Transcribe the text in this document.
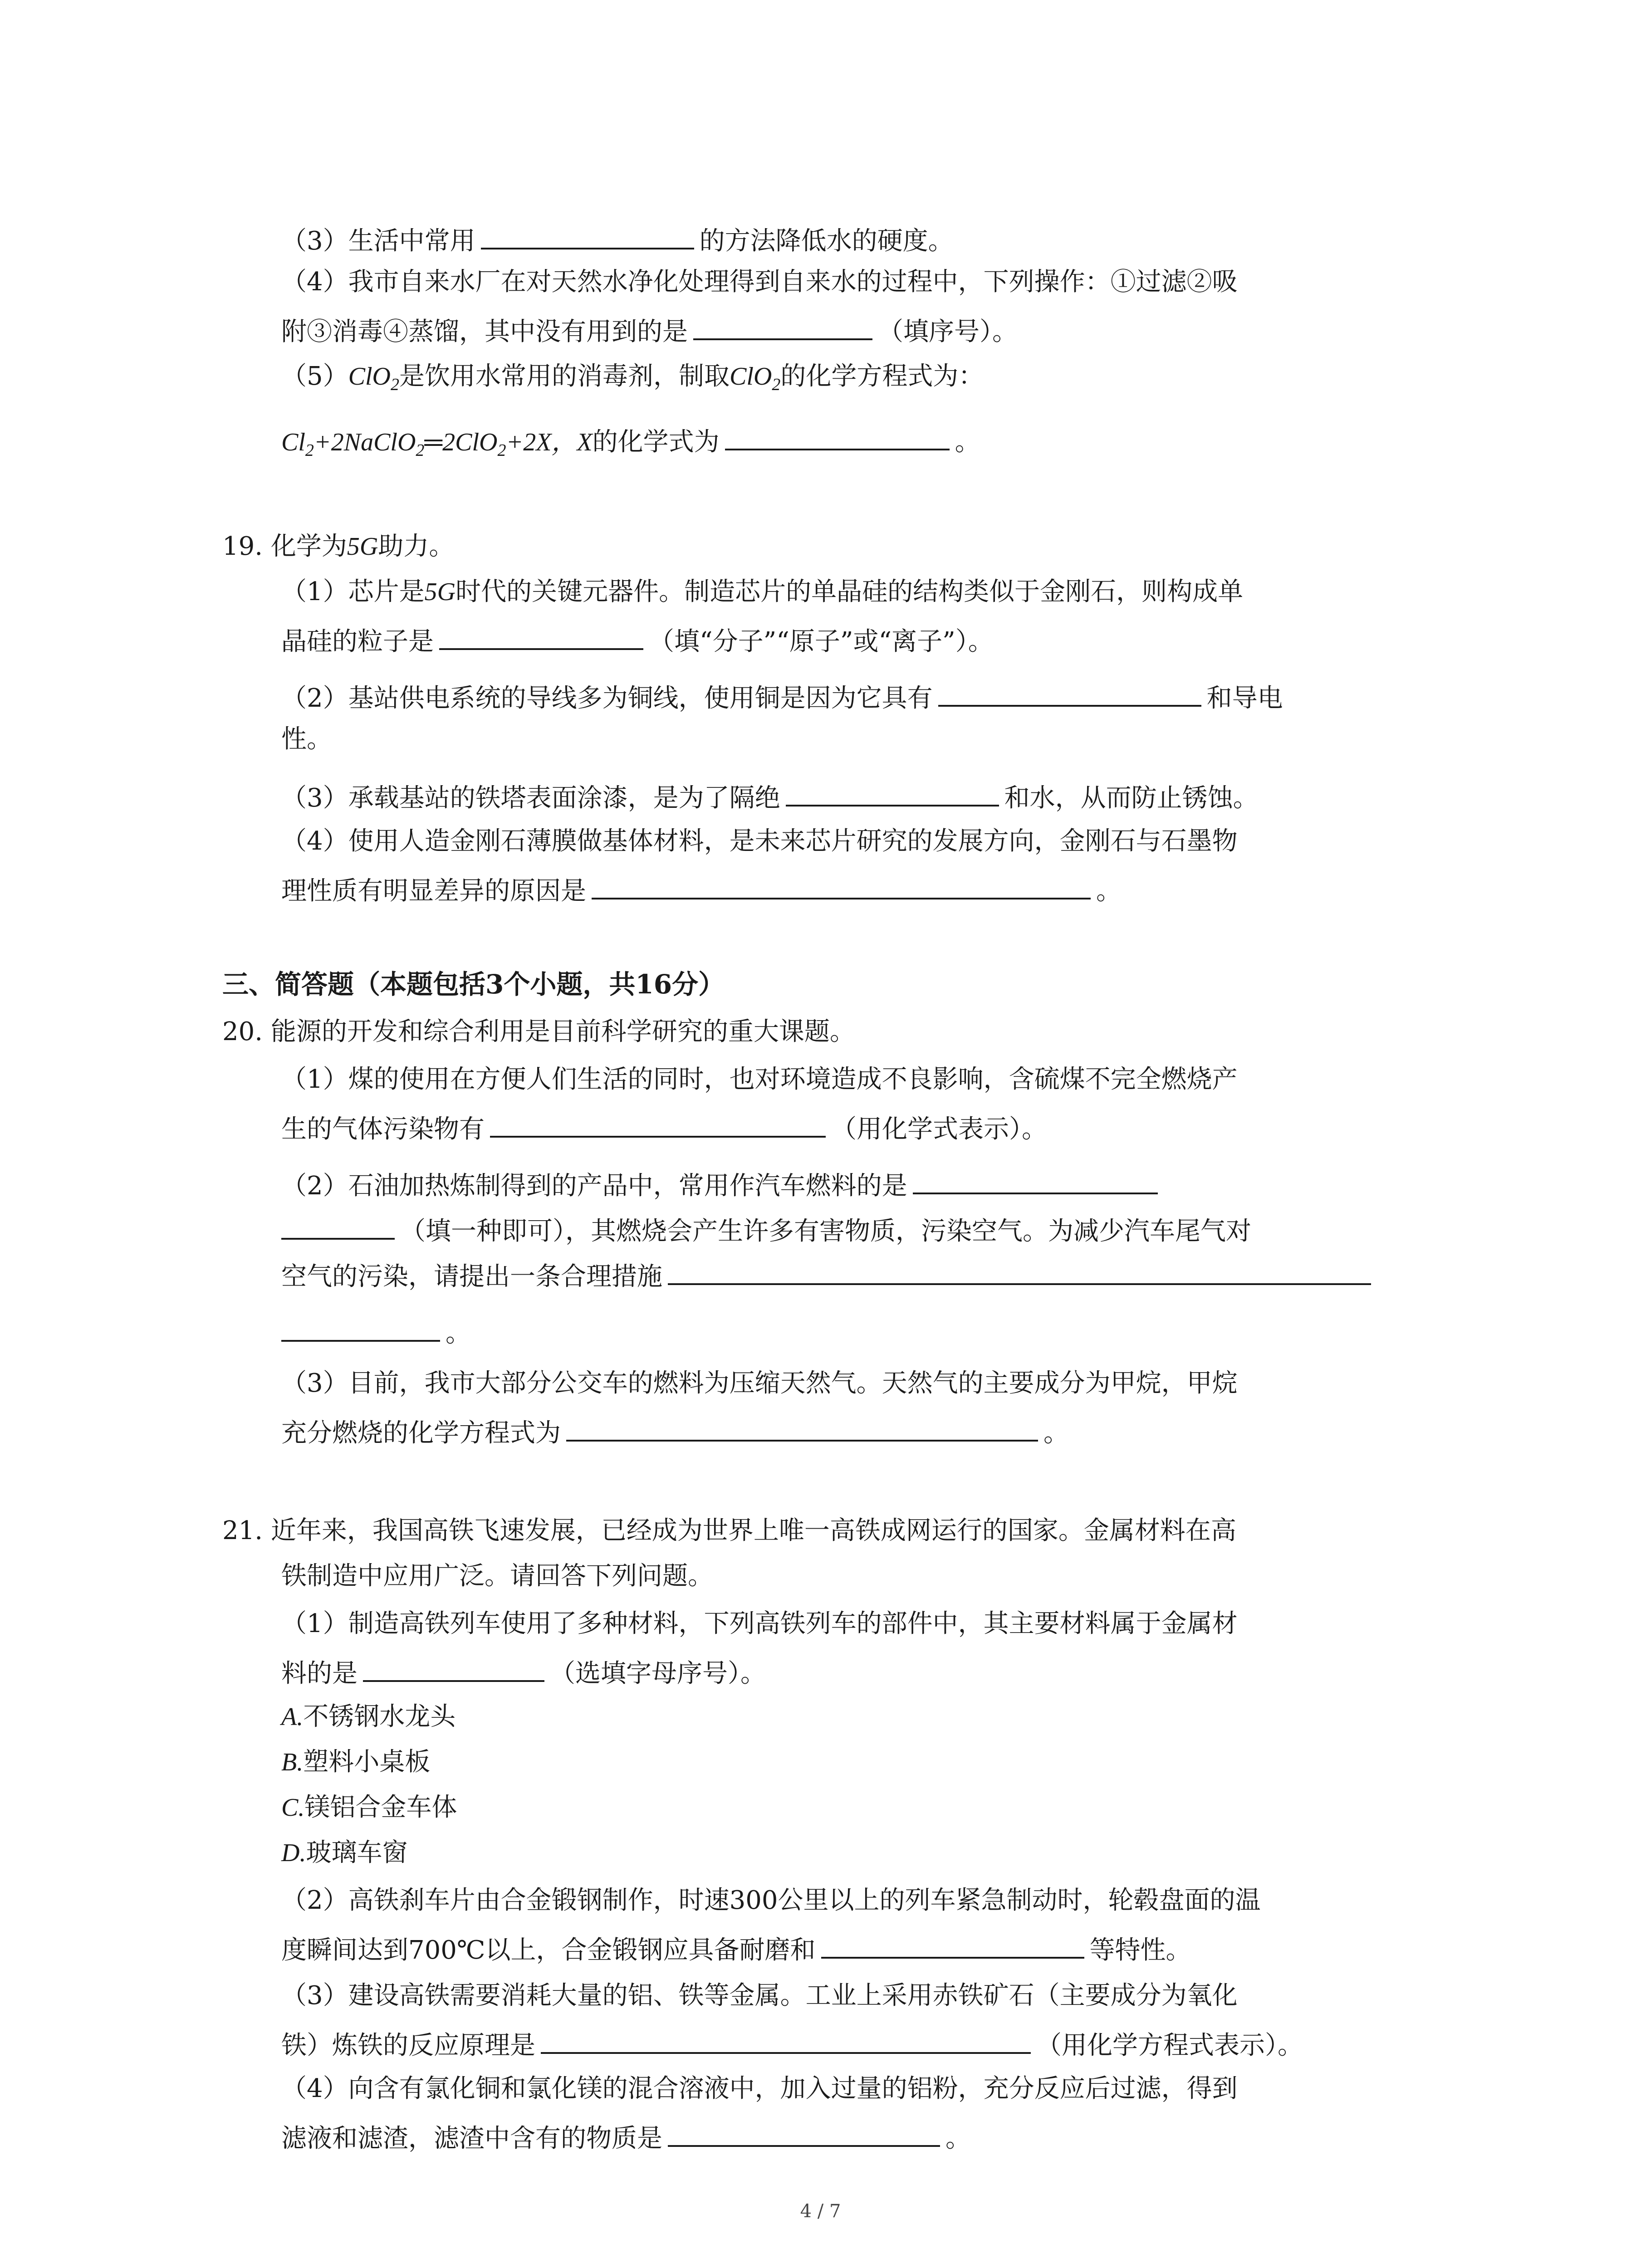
（3）生活中常用	的方法降低水的硬度。
（4）我市自来水厂在对天然水净化处理得到自来水的过程中，下列操作：①过滤②吸
附③消毒④蒸馏，其中没有用到的是	（填序号）。
（5）ClO$_2$是饮用水常用的消毒剂，制取ClO$_2$的化学方程式为：
$Cl_2+2NaClO_2═2ClO_2+2X$，X的化学式为	。
19. 化学为5G助力。
（1）芯片是5G时代的关键元器件。制造芯片的单晶硅的结构类似于金刚石，则构成单
晶硅的粒子是	（填“分子”“原子”或“离子”）。
（2）基站供电系统的导线多为铜线，使用铜是因为它具有	和导电
性。
（3）承载基站的铁塔表面涂漆，是为了隔绝	和水，从而防止锈蚀。
（4）使用人造金刚石薄膜做基体材料，是未来芯片研究的发展方向，金刚石与石墨物
理性质有明显差异的原因是	。
三、简答题（本题包括3个小题，共16分）
20. 能源的开发和综合利用是目前科学研究的重大课题。
（1）煤的使用在方便人们生活的同时，也对环境造成不良影响，含硫煤不完全燃烧产
生的气体污染物有	（用化学式表示）。
（2）石油加热炼制得到的产品中，常用作汽车燃料的是
（填一种即可），其燃烧会产生许多有害物质，污染空气。为减少汽车尾气对
空气的污染，请提出一条合理措施
。
（3）目前，我市大部分公交车的燃料为压缩天然气。天然气的主要成分为甲烷，甲烷
充分燃烧的化学方程式为	。
21. 近年来，我国高铁飞速发展，已经成为世界上唯一高铁成网运行的国家。金属材料在高
铁制造中应用广泛。请回答下列问题。
（1）制造高铁列车使用了多种材料，下列高铁列车的部件中，其主要材料属于金属材
料的是	（选填字母序号）。
A.不锈钢水龙头
B.塑料小桌板
C.镁铝合金车体
D.玻璃车窗
（2）高铁刹车片由合金锻钢制作，时速300公里以上的列车紧急制动时，轮毂盘面的温
度瞬间达到700℃以上，合金锻钢应具备耐磨和	等特性。
（3）建设高铁需要消耗大量的铝、铁等金属。工业上采用赤铁矿石（主要成分为氧化
铁）炼铁的反应原理是	（用化学方程式表示）。
（4）向含有氯化铜和氯化镁的混合溶液中，加入过量的铝粉，充分反应后过滤，得到
滤液和滤渣，滤渣中含有的物质是	。
4 / 7
